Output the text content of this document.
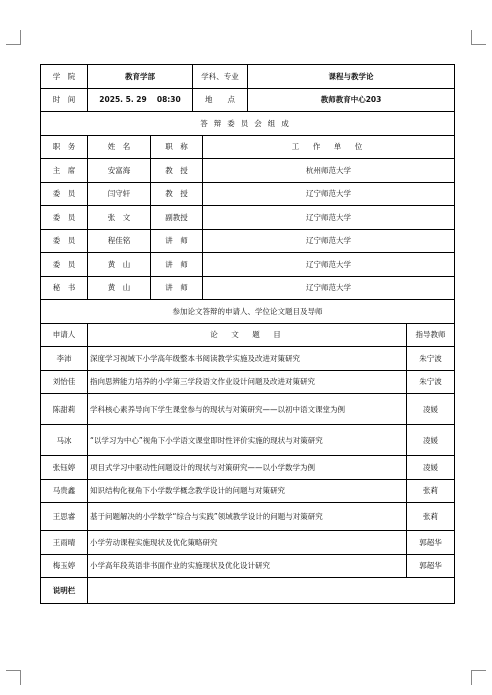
学　院	教育学部		学科、专业		课程与教学论	
时　间	2025. 5. 29　 08:30		地　　点		教师教育中心203	
答辩委员会组成						
职　务	姓　名	职　称		工　作　单　位		
主　席	安富海	教　授		杭州师范大学		
委　员	闫守轩	教　授		辽宁师范大学		
委　员	张　文	副教授		辽宁师范大学		
委　员	程佳铭	讲　师		辽宁师范大学		
委　员	黄　山	讲　师		辽宁师范大学		
秘　书	黄　山	讲　师		辽宁师范大学		
参加论文答辩的申请人、学位论文题目及导师						
申请人	论　文　题　目					指导教师
李沛	深度学习视域下小学高年级整本书阅读教学实施及改进对策研究					朱宁波
刘怡佳	指向思辨能力培养的小学第三学段语文作业设计问题及改进对策研究					朱宁波
陈甜莉	学科核心素养导向下学生课堂参与的现状与对策研究——以初中语文课堂为例					凌媛
马冰	“以学习为中心”视角下小学语文课堂即时性评价实施的现状与对策研究					凌媛
张钰婷	项目式学习中驱动性问题设计的现状与对策研究——以小学数学为例					凌媛
马贵鑫	知识结构化视角下小学数学概念教学设计的问题与对策研究					张莉
王思睿	基于问题解决的小学数学“综合与实践”领域教学设计的问题与对策研究					张莉
王雨晴	小学劳动课程实施现状及优化策略研究					郭超华
梅玉婷	小学高年段英语非书面作业的实施现状及优化设计研究					郭超华
说明栏						
